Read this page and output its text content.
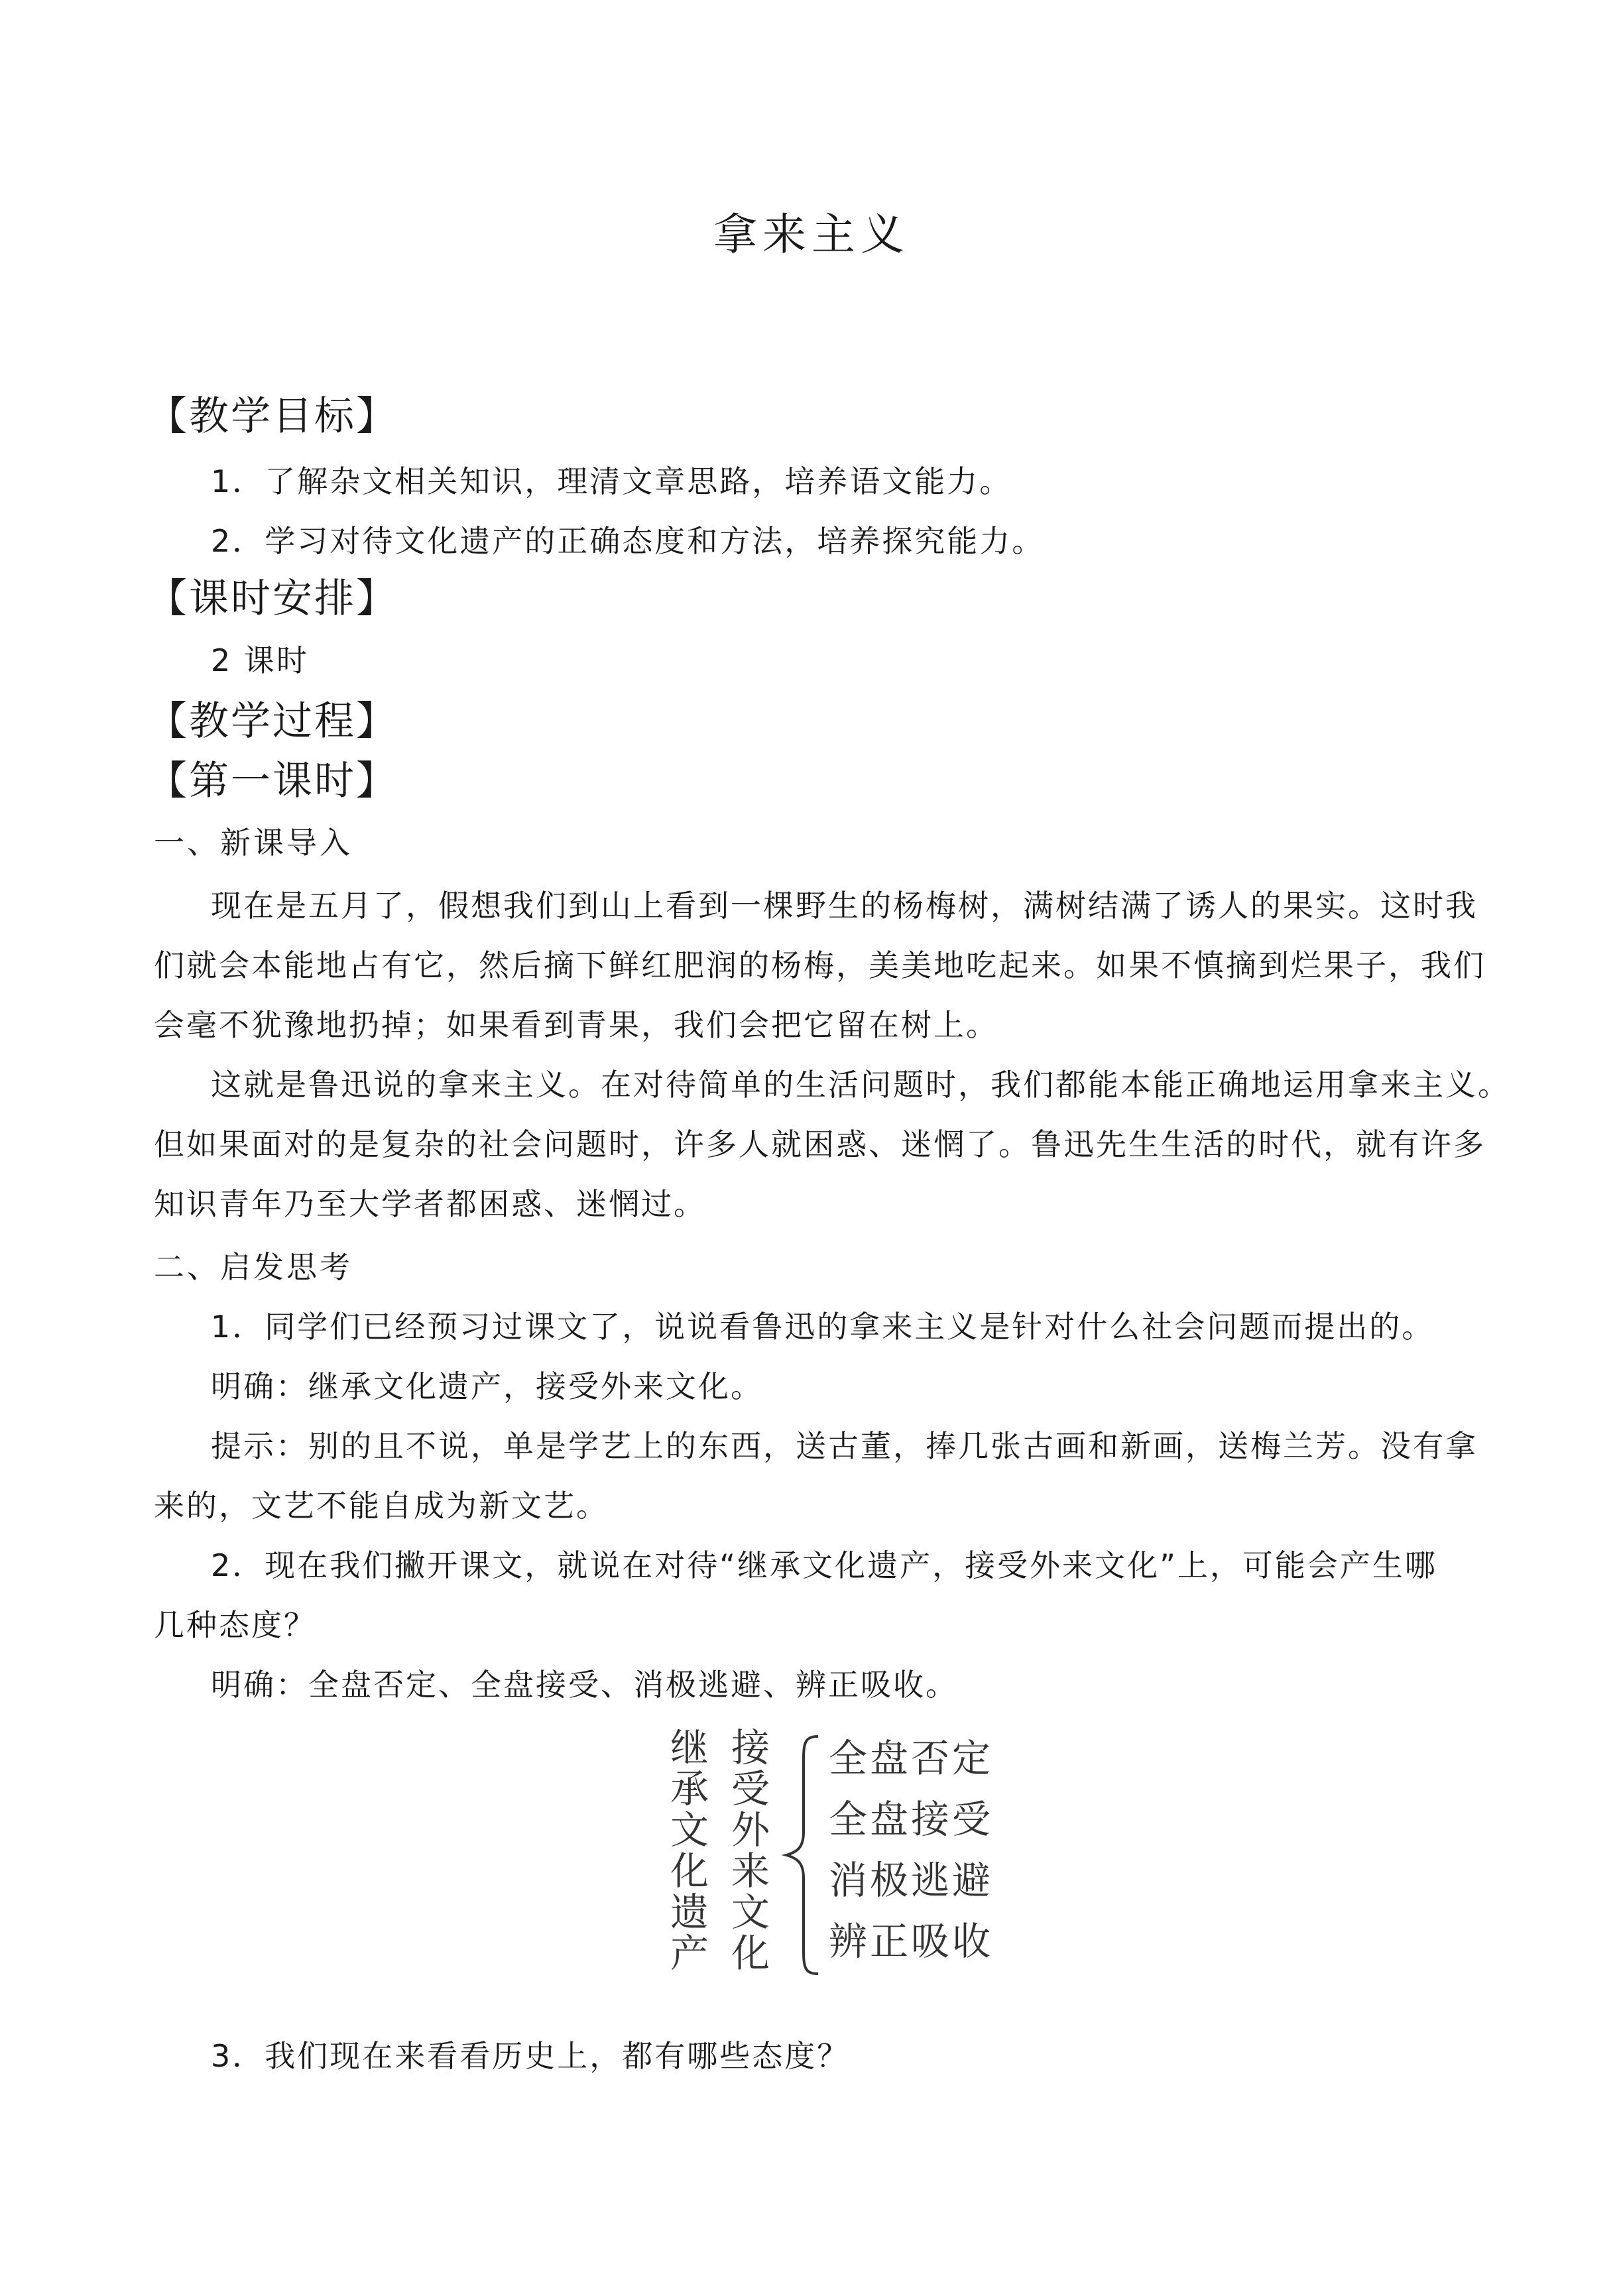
拿来主义
【教学目标】
1．了解杂文相关知识，理清文章思路，培养语文能力。
2．学习对待文化遗产的正确态度和方法，培养探究能力。
【课时安排】
2 课时
【教学过程】
【第一课时】
一、新课导入
现在是五月了，假想我们到山上看到一棵野生的杨梅树，满树结满了诱人的果实。这时我
们就会本能地占有它，然后摘下鲜红肥润的杨梅，美美地吃起来。如果不慎摘到烂果子，我们
会毫不犹豫地扔掉；如果看到青果，我们会把它留在树上。
这就是鲁迅说的拿来主义。在对待简单的生活问题时，我们都能本能正确地运用拿来主义。
但如果面对的是复杂的社会问题时，许多人就困惑、迷惘了。鲁迅先生生活的时代，就有许多
知识青年乃至大学者都困惑、迷惘过。
二、启发思考
1．同学们已经预习过课文了，说说看鲁迅的拿来主义是针对什么社会问题而提出的。
明确：继承文化遗产，接受外来文化。
提示：别的且不说，单是学艺上的东西，送古董，捧几张古画和新画，送梅兰芳。没有拿
来的，文艺不能自成为新文艺。
2．现在我们撇开课文，就说在对待“继承文化遗产，接受外来文化”上，可能会产生哪
几种态度？
明确：全盘否定、全盘接受、消极逃避、辨正吸收。
继
承
文
化
遗
产
接
受
外
来
文
化
全盘否定
全盘接受
消极逃避
辨正吸收
3．我们现在来看看历史上，都有哪些态度？
